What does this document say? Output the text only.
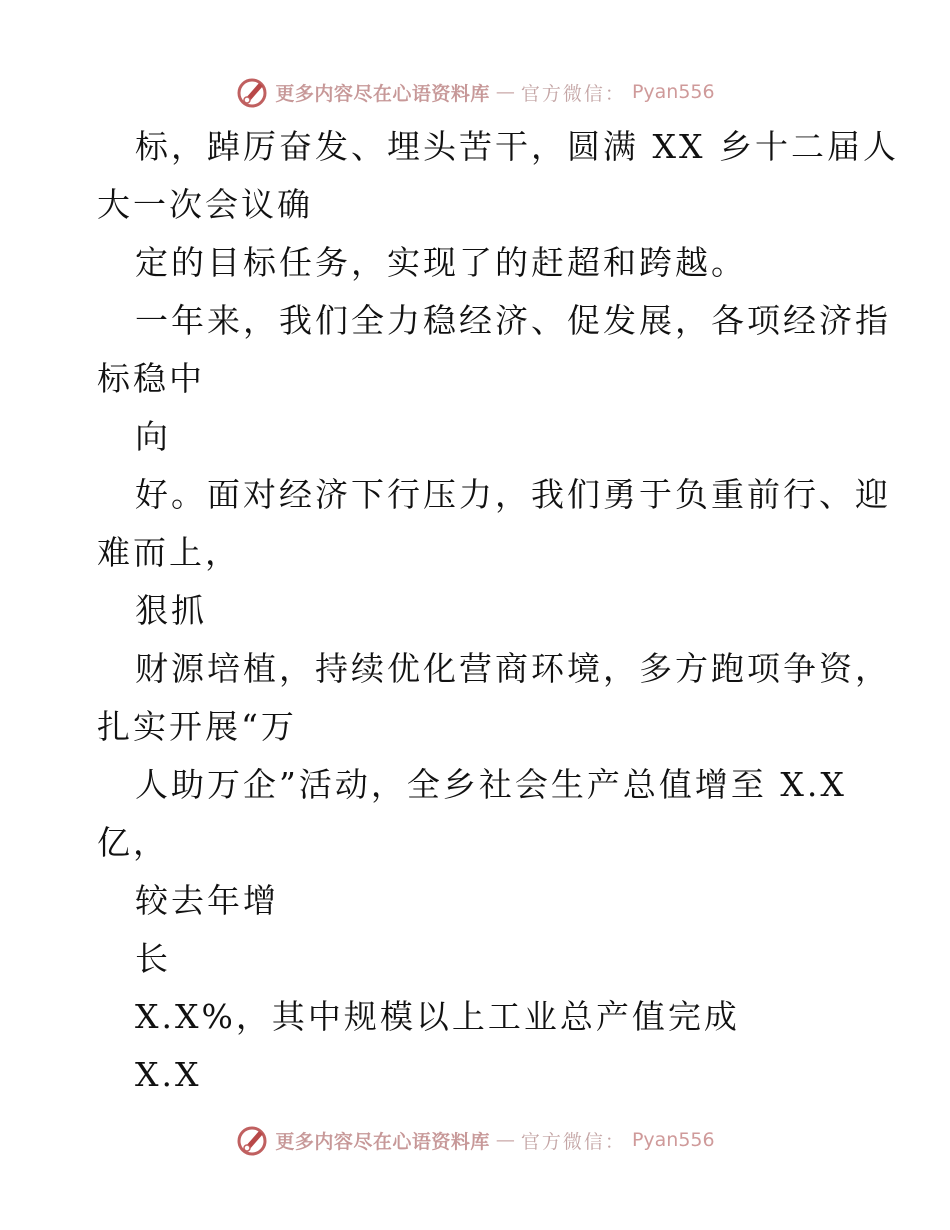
更多内容尽在心语资料库 — 官方微信： Pyan556
标，踔厉奋发、埋头苦干，圆满 XX 乡十二届人
大一次会议确
定的目标任务，实现了的赶超和跨越。
一年来，我们全力稳经济、促发展，各项经济指
标稳中
向
好。面对经济下行压力，我们勇于负重前行、迎
难而上，
狠抓
财源培植，持续优化营商环境，多方跑项争资，
扎实开展“万
人助万企”活动，全乡社会生产总值增至 X.X
亿，
较去年增
长
X.X%，其中规模以上工业总产值完成
X.X
更多内容尽在心语资料库 — 官方微信： Pyan556
